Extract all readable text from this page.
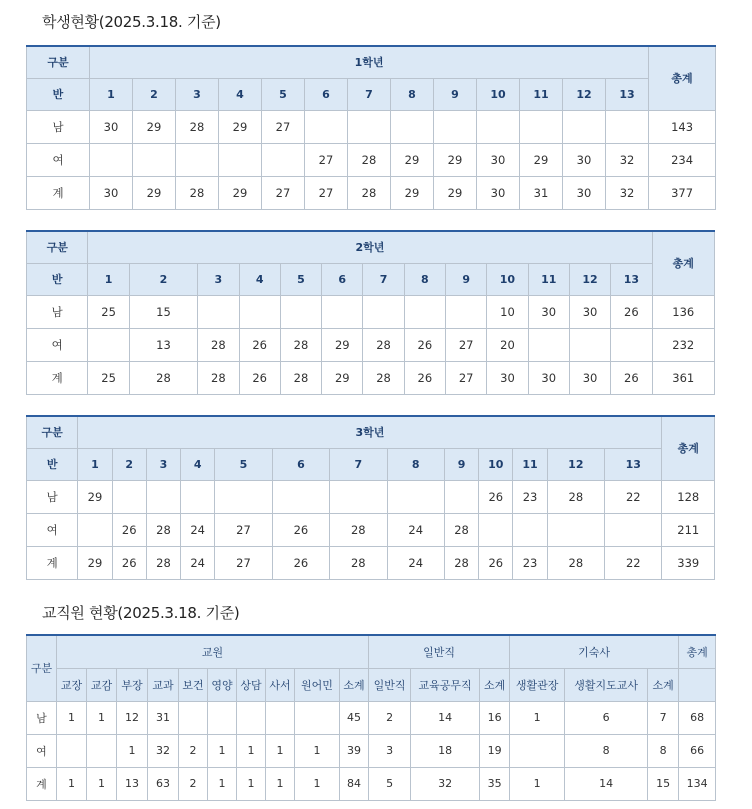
학생현황(2025.3.18. 기준)
구분	1학년													총계
반	1	2	3	4	5	6	7	8	9	10	11	12	13	
남	30	29	28	29	27									143
여						27	28	29	29	30	29	30	32	234
계	30	29	28	29	27	27	28	29	29	30	31	30	32	377
구분	2학년													총계
반	1	2	3	4	5	6	7	8	9	10	11	12	13	
남	25	15								10	30	30	26	136
여		13	28	26	28	29	28	26	27	20				232
계	25	28	28	26	28	29	28	26	27	30	30	30	26	361
구분	3학년													총계
반	1	2	3	4	5	6	7	8	9	10	11	12	13	
남	29									26	23	28	22	128
여		26	28	24	27	26	28	24	28					211
계	29	26	28	24	27	26	28	24	28	26	23	28	22	339
교직원 현황(2025.3.18. 기준)
구분	교원										일반직			기숙사			총계
	교장	교감	부장	교과	보건	영양	상담	사서	원어민	소계	일반직	교육공무직	소계	생활관장	생활지도교사	소계	
남	1	1	12	31						45	2	14	16	1	6	7	68
여			1	32	2	1	1	1	1	39	3	18	19		8	8	66
계	1	1	13	63	2	1	1	1	1	84	5	32	35	1	14	15	134
